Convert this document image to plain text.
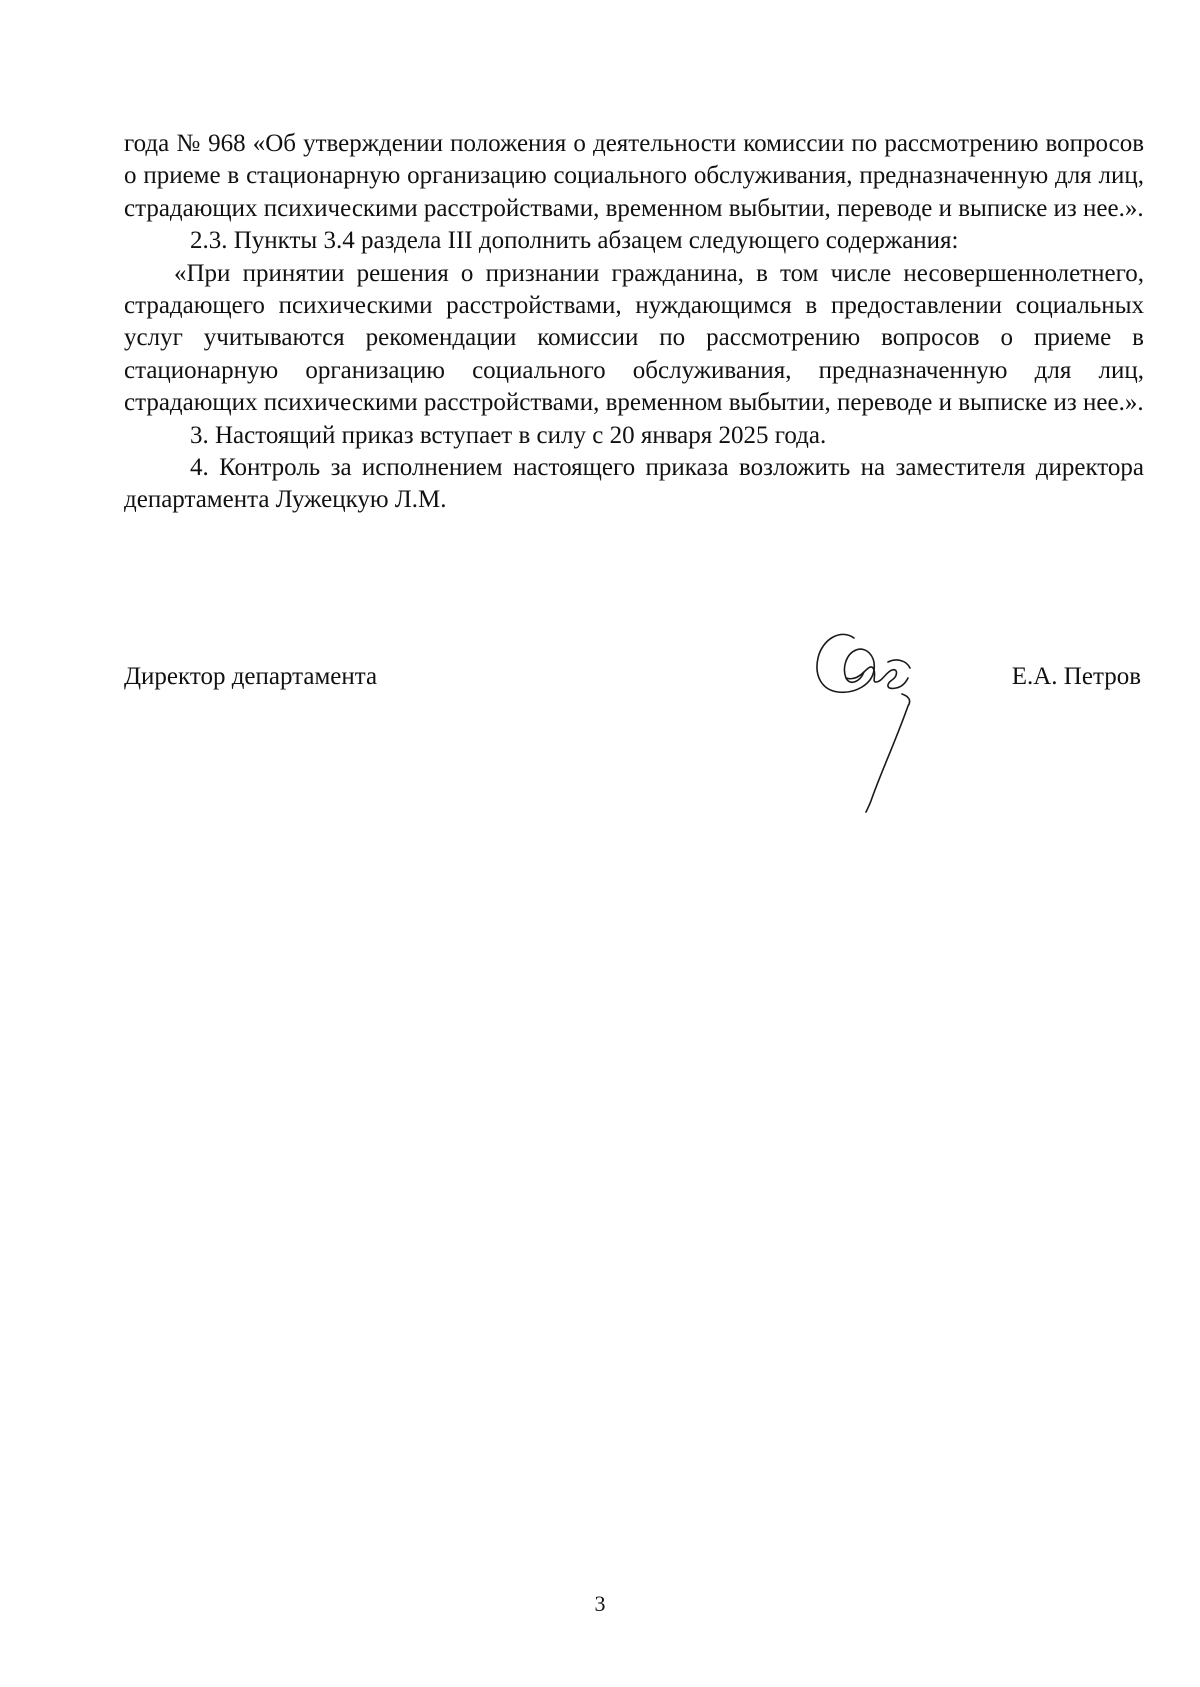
года № 968 «Об утверждении положения о деятельности комиссии по рассмотрению вопросов о приеме в стационарную организацию социального обслуживания, предназначенную для лиц, страдающих психическими расстройствами, временном выбытии, переводе и выписке из нее.».

2.3. Пункты 3.4 раздела III дополнить абзацем следующего содержания:

«При принятии решения о признании гражданина, в том числе несовершеннолетнего, страдающего психическими расстройствами, нуждающимся в предоставлении социальных услуг учитываются рекомендации комиссии по рассмотрению вопросов о приеме в стационарную организацию социального обслуживания, предназначенную для лиц, страдающих психическими расстройствами, временном выбытии, переводе и выписке из нее.».

3. Настоящий приказ вступает в силу с 20 января 2025 года.

4. Контроль за исполнением настоящего приказа возложить на заместителя директора департамента Лужецкую Л.М.

Директор департамента	Е.А. Петров
3
